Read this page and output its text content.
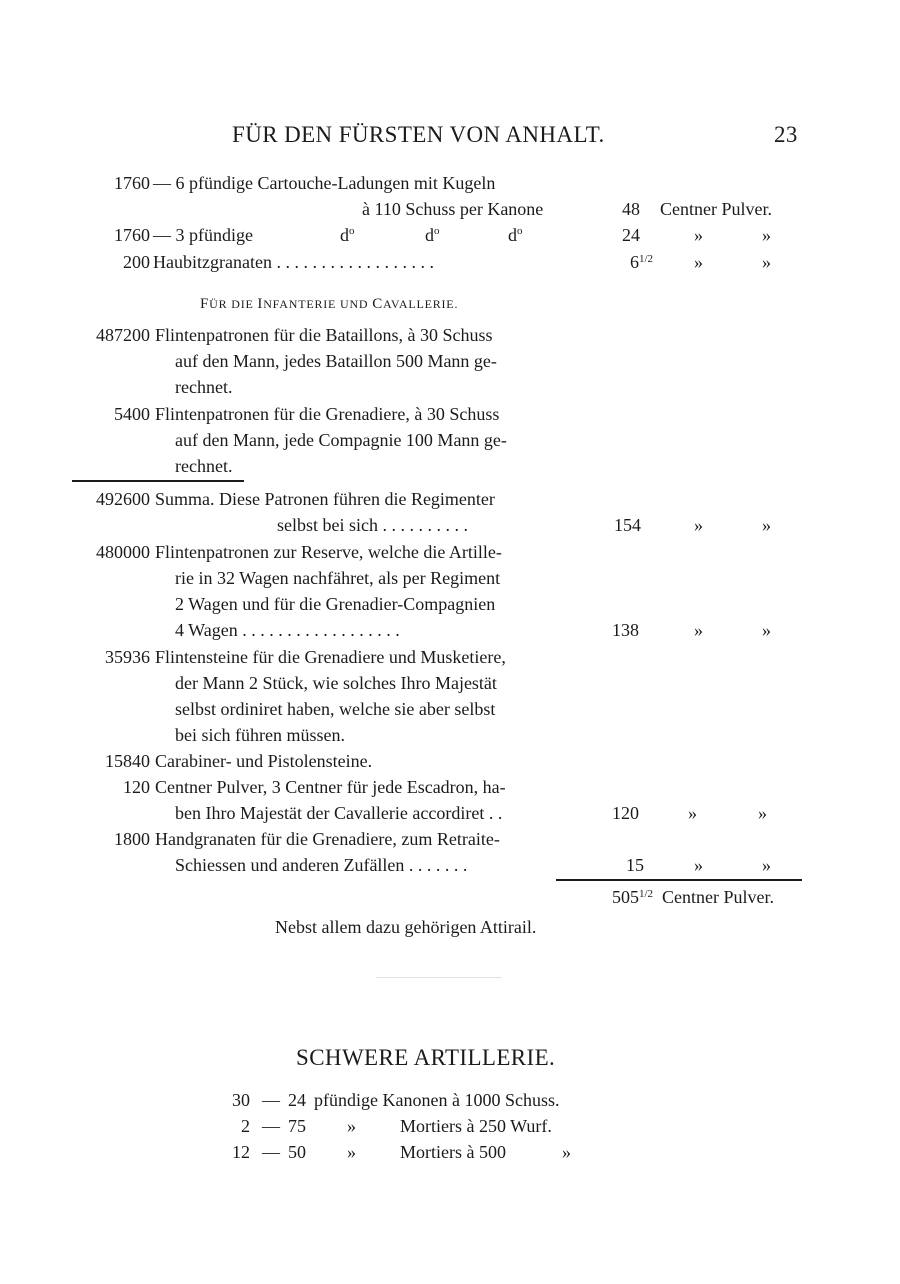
FÜR DEN FÜRSTEN VON ANHALT.	23
1760 — 6 pfündige Cartouche-Ladungen mit Kugeln
à 110 Schuss per Kanone	48 Centner Pulver.
1760 — 3 pfündige	$d^o$	$d^o$	$d^o$	24	»	»
200 Haubitzgranaten . . . . . . . . . . . . . . . . . .	$6^{1/2}$ »	»
FÜR DIE INFANTERIE UND CAVALLERIE.
487200 Flintenpatronen für die Bataillons, à 30 Schuss
auf den Mann, jedes Bataillon 500 Mann ge-
rechnet.
5400 Flintenpatronen für die Grenadiere, à 30 Schuss
auf den Mann, jede Compagnie 100 Mann ge-
rechnet.
492600 Summa. Diese Patronen führen die Regimenter
selbst bei sich . . . . . . . . . .	154	»	»
480000 Flintenpatronen zur Reserve, welche die Artille-
rie in 32 Wagen nachfähret, als per Regiment
2 Wagen und für die Grenadier-Compagnien
4 Wagen . . . . . . . . . . . . . . . . . .	138	»	»
35936 Flintensteine für die Grenadiere und Musketiere,
der Mann 2 Stück, wie solches Ihro Majestät
selbst ordiniret haben, welche sie aber selbst
bei sich führen müssen.
15840 Carabiner- und Pistolensteine.
120 Centner Pulver, 3 Centner für jede Escadron, ha-
ben Ihro Majestät der Cavallerie accordiret . .	120	»	»
1800 Handgranaten für die Grenadiere, zum Retraite-
Schiessen und anderen Zufällen . . . . . . .	15	»	»
$505^{1/2}$ Centner Pulver.
Nebst allem dazu gehörigen Attirail.
SCHWERE ARTILLERIE.
30 — 24 pfündige Kanonen à 1000 Schuss.
2 — 75 » Mortiers à 250 Wurf.
12 — 50 » Mortiers à 500	»
